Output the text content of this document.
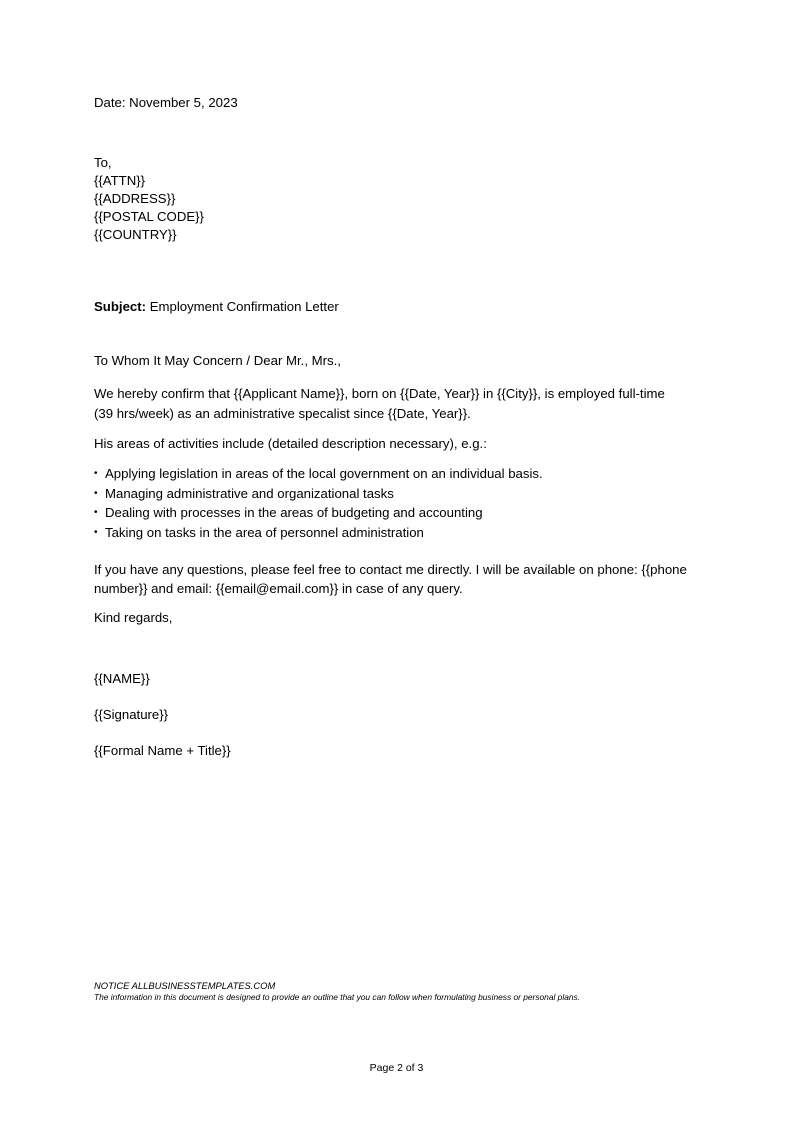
Date: November 5, 2023
To,
{{ATTN}}
{{ADDRESS}}
{{POSTAL CODE}}
{{COUNTRY}}
Subject: Employment Confirmation Letter
To Whom It May Concern / Dear Mr., Mrs.,
We hereby confirm that {{Applicant Name}}, born on {{Date, Year}} in {{City}}, is employed full-time
(39 hrs/week) as an administrative specalist since {{Date, Year}}.
His areas of activities include (detailed description necessary), e.g.:
• Applying legislation in areas of the local government on an individual basis.
• Managing administrative and organizational tasks
• Dealing with processes in the areas of budgeting and accounting
• Taking on tasks in the area of personnel administration
If you have any questions, please feel free to contact me directly. I will be available on phone: {{phone
number}} and email: {{email@email.com}} in case of any query.
Kind regards,
{{NAME}}
{{Signature}}
{{Formal Name + Title}}
NOTICE ALLBUSINESSTEMPLATES.COM
The information in this document is designed to provide an outline that you can follow when formulating business or personal plans.
Page 2 of 3
